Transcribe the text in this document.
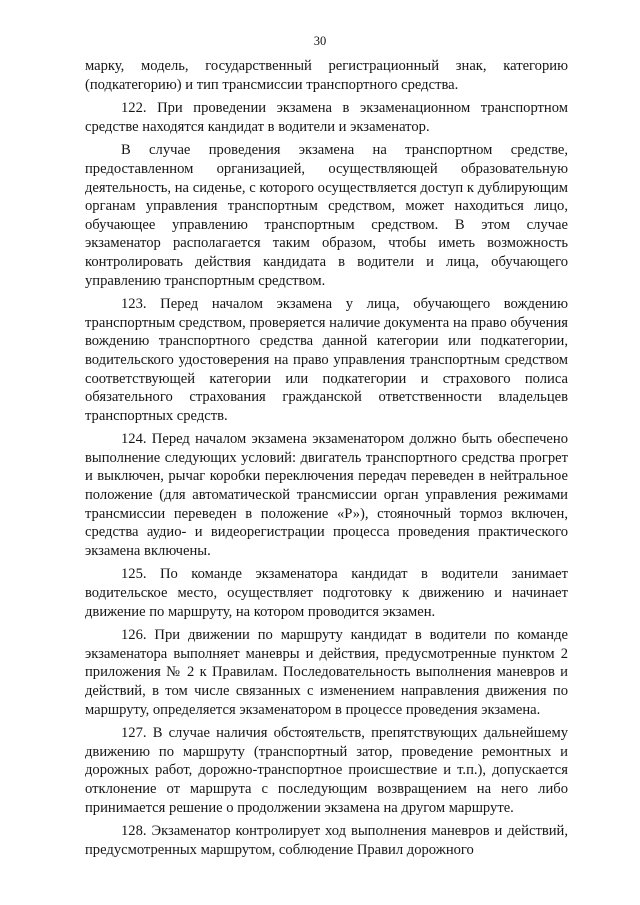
30

марку, модель, государственный регистрационный знак, категорию (подкатегорию) и тип трансмиссии транспортного средства.

122. При проведении экзамена в экзаменационном транспортном средстве находятся кандидат в водители и экзаменатор.

В случае проведения экзамена на транспортном средстве, предоставленном организацией, осуществляющей образовательную деятельность, на сиденье, с которого осуществляется доступ к дублирующим органам управления транспортным средством, может находиться лицо, обучающее управлению транспортным средством. В этом случае экзаменатор располагается таким образом, чтобы иметь возможность контролировать действия кандидата в водители и лица, обучающего управлению транспортным средством.

123. Перед началом экзамена у лица, обучающего вождению транспортным средством, проверяется наличие документа на право обучения вождению транспортного средства данной категории или подкатегории, водительского удостоверения на право управления транспортным средством соответствующей категории или подкатегории и страхового полиса обязательного страхования гражданской ответственности владельцев транспортных средств.

124. Перед началом экзамена экзаменатором должно быть обеспечено выполнение следующих условий: двигатель транспортного средства прогрет и выключен, рычаг коробки переключения передач переведен в нейтральное положение (для автоматической трансмиссии орган управления режимами трансмиссии переведен в положение «Р»), стояночный тормоз включен, средства аудио- и видеорегистрации процесса проведения практического экзамена включены.

125. По команде экзаменатора кандидат в водители занимает водительское место, осуществляет подготовку к движению и начинает движение по маршруту, на котором проводится экзамен.

126. При движении по маршруту кандидат в водители по команде экзаменатора выполняет маневры и действия, предусмотренные пунктом 2 приложения № 2 к Правилам. Последовательность выполнения маневров и действий, в том числе связанных с изменением направления движения по маршруту, определяется экзаменатором в процессе проведения экзамена.

127. В случае наличия обстоятельств, препятствующих дальнейшему движению по маршруту (транспортный затор, проведение ремонтных и дорожных работ, дорожно-транспортное происшествие и т.п.), допускается отклонение от маршрута с последующим возвращением на него либо принимается решение о продолжении экзамена на другом маршруте.

128. Экзаменатор контролирует ход выполнения маневров и действий, предусмотренных маршрутом, соблюдение Правил дорожного
